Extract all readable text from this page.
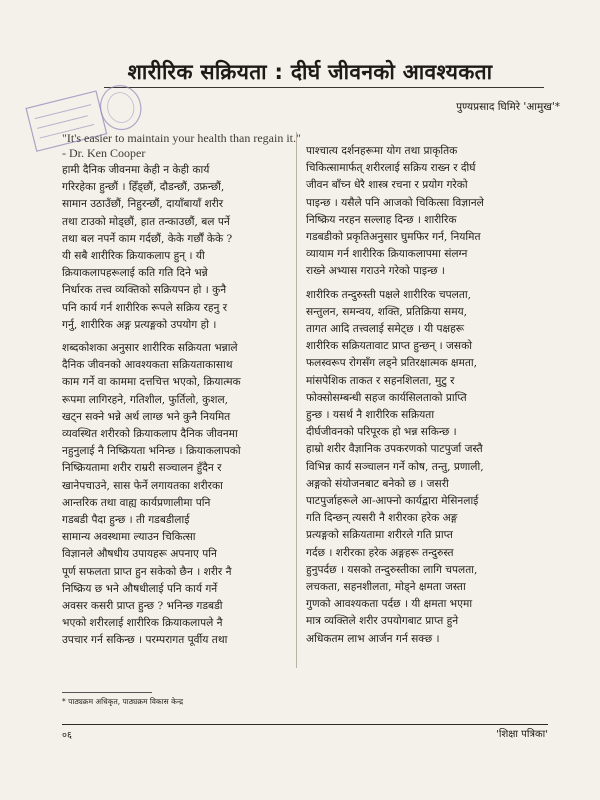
शारीरिक सक्रियता : दीर्घ जीवनको आवश्यकता
पुण्यप्रसाद घिमिरे 'आमुख'*
"It's easier to maintain your health than regain it." - Dr. Ken Cooper
हामी दैनिक जीवनमा केही न केही कार्य
गरिरहेका हुन्छौं । हिँड्छौं, दौडन्छौं, उफ्रन्छौं,
सामान उठाउँछौं, निहुरन्छौं, दायाँबायाँ शरीर
तथा टाउको मोड्छौं, हात तन्काउछौं, बल पर्ने
तथा बल नपर्ने काम गर्दछौं, केके गर्छौं केके ?
यी सबै शारीरिक क्रियाकलाप हुन् । यी
क्रियाकलापहरूलाई कति गति दिने भन्ने
निर्धारक तत्त्व व्यक्तिको सक्रियपन हो । कुनै
पनि कार्य गर्न शारीरिक रूपले सक्रिय रहनु र
गर्नु, शारीरिक अङ्ग प्रत्यङ्गको उपयोग हो ।
शब्दकोशका अनुसार शारीरिक सक्रियता भन्नाले
दैनिक जीवनको आवश्यकता सक्रियताकासाथ
काम गर्ने वा काममा दत्तचित्त भएको, क्रियात्मक
रूपमा लागिरहने, गतिशील, फुर्तिलो, कुशल,
खट्न सक्ने भन्ने अर्थ लाग्छ भने कुनै नियमित
व्यवस्थित शरीरको क्रियाकलाप दैनिक जीवनमा
नहुनुलाई नै निष्क्रियता भनिन्छ । क्रियाकलापको
निष्क्रियतामा शरीर राम्ररी सञ्चालन हुँदैन र
खानेपचाउने, सास फेर्ने लगायतका शरीरका
आन्तरिक तथा वाह्य कार्यप्रणालीमा पनि
गडबडी पैदा हुन्छ । ती गडबडीलाई
सामान्य अवस्थामा ल्याउन चिकित्सा
विज्ञानले औषधीय उपायहरू अपनाए पनि
पूर्ण सफलता प्राप्त हुन सकेको छैन । शरीर नै
निष्क्रिय छ भने औषधीलाई पनि कार्य गर्ने
अवसर कसरी प्राप्त हुन्छ ? भनिन्छ गडबडी
भएको शरीरलाई शारीरिक क्रियाकलापले नै
उपचार गर्न सकिन्छ । परम्परागत पूर्वीय तथा
पाश्चात्य दर्शनहरूमा योग तथा प्राकृतिक
चिकित्सामार्फत् शरीरलाई सक्रिय राख्न र दीर्घ
जीवन बाँच्न धेरै शास्त्र रचना र प्रयोग गरेको
पाइन्छ । यसैले पनि आजको चिकित्सा विज्ञानले
निष्क्रिय नरहन सल्लाह दिन्छ । शारीरिक
गडबडीको प्रकृतिअनुसार घुमफिर गर्न, नियमित
व्यायाम गर्न शारीरिक क्रियाकलापमा संलग्न
राख्ने अभ्यास गराउने गरेको पाइन्छ ।
शारीरिक तन्दुरुस्ती पक्षले शारीरिक चपलता,
सन्तुलन, समन्वय, शक्ति, प्रतिक्रिया समय,
तागत आदि तत्त्वलाई समेट्छ । यी पक्षहरू
शारीरिक सक्रियतावाट प्राप्त हुन्छन् । जसको
फलस्वरूप रोगसँग लड्ने प्रतिरक्षात्मक क्षमता,
मांसपेशिक ताकत र सहनशिलता, मुटु र
फोक्सोसम्बन्धी सहज कार्यसिलताको प्राप्ति
हुन्छ । यसर्थ नै शारीरिक सक्रियता
दीर्घजीवनको परिपूरक हो भन्न सकिन्छ ।
हाम्रो शरीर वैज्ञानिक उपकरणको पाटपुर्जा जस्तै
विभिन्न कार्य सञ्चालन गर्ने कोष, तन्तु, प्रणाली,
अङ्गको संयोजनबाट बनेको छ । जसरी
पाटपुर्जाहरूले आ-आफ्नो कार्यद्वारा मेसिनलाई
गति दिन्छन् त्यसरी नै शरीरका हरेक अङ्ग
प्रत्यङ्गको सक्रियतामा शरीरले गति प्राप्त
गर्दछ । शरीरका हरेक अङ्गहरू तन्दुरुस्त
हुनुपर्दछ । यसको तन्दुरुस्तीका लागि चपलता,
लचकता, सहनशीलता, मोड्ने क्षमता जस्ता
गुणको आवश्यकता पर्दछ । यी क्षमता भएमा
मात्र व्यक्तिले शरीर उपयोगबाट प्राप्त हुने
अधिकतम लाभ आर्जन गर्न सक्छ ।
* पाठ्यक्रम अधिकृत, पाठ्यक्रम विकास केन्द्र
०६	'शिक्षा पत्रिका'
